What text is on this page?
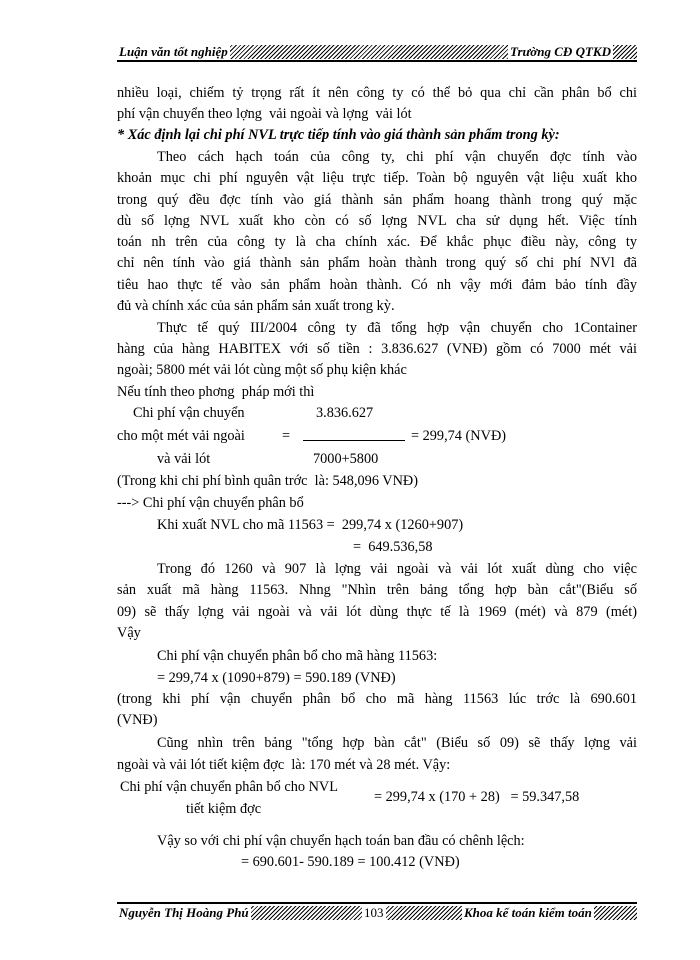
Luận văn tốt nghiệp	Trường CĐ QTKD
nhiều loại, chiếm tỷ trọng rất ít nên công ty có thể bỏ qua chỉ cần phân bổ chi
phí vận chuyển theo lợng  vải ngoài và lợng  vải lót
* Xác định lại chi phí NVL trực tiếp tính vào giá thành sản phẩm trong kỳ:
Theo cách hạch toán của công ty, chi phí vận chuyển đợc tính vào
khoản mục chi phí nguyên vật liệu trực tiếp. Toàn bộ nguyên vật liệu xuất kho
trong quý đều đợc tính vào giá thành sản phẩm hoang thành trong quý mặc
dù số lợng NVL xuất kho còn có số lợng NVL cha sử dụng hết. Việc tính
toán nh trên của công ty là cha chính xác. Để khắc phục điều này, công ty
chỉ nên tính vào giá thành sản phẩm hoàn thành trong quý số chi phí NVl đã
tiêu hao thực tế vào sản phẩm hoàn thành. Có nh vậy mới đảm bảo tính đầy
đủ và chính xác của sản phẩm sản xuất trong kỳ.
Thực tế quý III/2004 công ty đã tổng hợp vận chuyển cho 1Container
hàng của hàng HABITEX với số tiền : 3.836.627 (VNĐ) gồm có 7000 mét vải
ngoài; 5800 mét vải lót cùng một số phụ kiện khác
Nếu tính theo phơng  pháp mới thì
Chi phí vận chuyển	3.836.627
cho một mét vải ngoài	=	= 299,74 (NVĐ)
và vải lót	7000+5800
(Trong khi chi phí bình quân trớc  là: 548,096 VNĐ)
---> Chi phí vận chuyển phân bổ
Khi xuất NVL cho mã 11563 =  299,74 x (1260+907)
=  649.536,58
Trong đó 1260 và 907 là lợng vải ngoài và vải lót xuất dùng cho việc
sản xuất mã hàng 11563. Nhng "Nhìn trên bảng tổng hợp bàn cắt"(Biểu số
09) sẽ thấy lợng vải ngoài và vải lót dùng thực tế là 1969 (mét) và 879 (mét)
Vậy
Chi phí vận chuyển phân bổ cho mã hàng 11563:
= 299,74 x (1090+879) = 590.189 (VNĐ)
(trong khi phí vận chuyển phân bổ cho mã hàng 11563 lúc trớc là 690.601
(VNĐ)
Cũng nhìn trên bảng "tổng hợp bàn cắt" (Biểu số 09) sẽ thấy lợng vải
ngoài và vải lót tiết kiệm đợc  là: 170 mét và 28 mét. Vậy:
Chi phí vận chuyển phân bổ cho NVL
= 299,74 x (170 + 28)   = 59.347,58
tiết kiệm đợc
Vậy so với chi phí vận chuyển hạch toán ban đầu có chênh lệch:
= 690.601- 590.189 = 100.412 (VNĐ)
Nguyễn Thị Hoàng Phú	103	Khoa kế toán kiểm toán
